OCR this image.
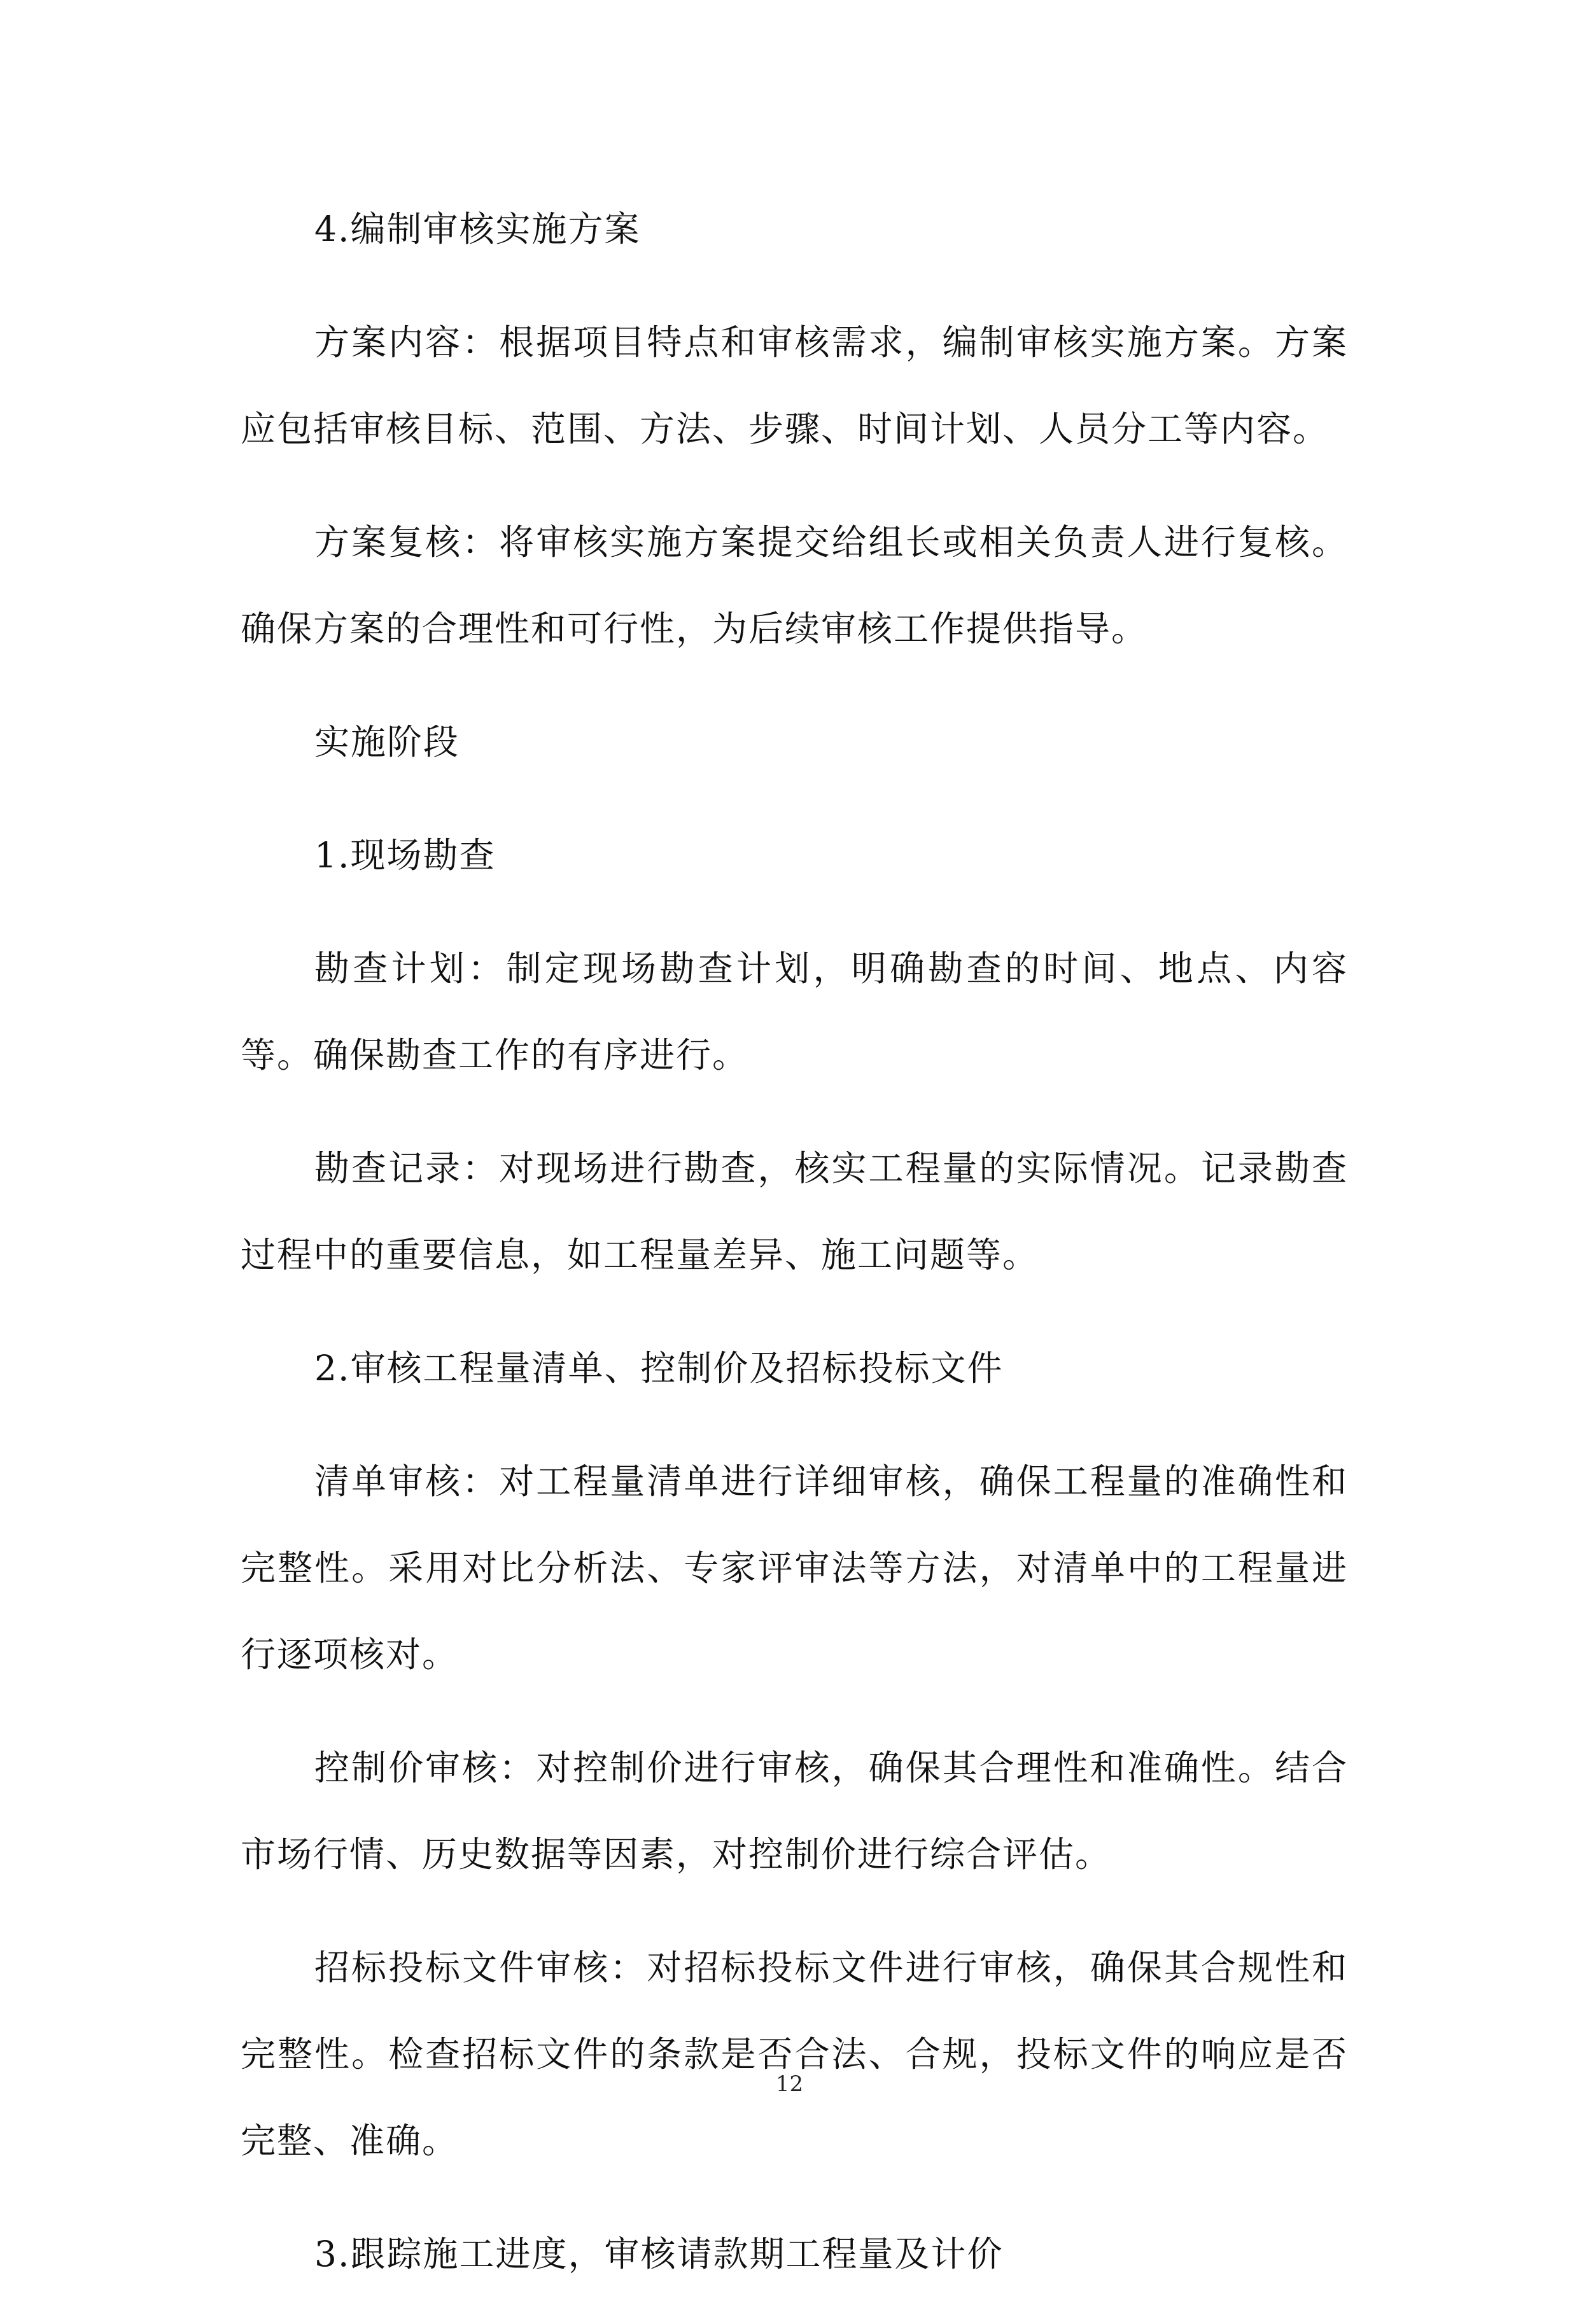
4.编制审核实施方案

方案内容：根据项目特点和审核需求，编制审核实施方案。方案应包括审核目标、范围、方法、步骤、时间计划、人员分工等内容。

方案复核：将审核实施方案提交给组长或相关负责人进行复核。确保方案的合理性和可行性，为后续审核工作提供指导。

实施阶段

1.现场勘查

勘查计划：制定现场勘查计划，明确勘查的时间、地点、内容等。确保勘查工作的有序进行。

勘查记录：对现场进行勘查，核实工程量的实际情况。记录勘查过程中的重要信息，如工程量差异、施工问题等。

2.审核工程量清单、控制价及招标投标文件

清单审核：对工程量清单进行详细审核，确保工程量的准确性和完整性。采用对比分析法、专家评审法等方法，对清单中的工程量进行逐项核对。

控制价审核：对控制价进行审核，确保其合理性和准确性。结合市场行情、历史数据等因素，对控制价进行综合评估。

招标投标文件审核：对招标投标文件进行审核，确保其合规性和完整性。检查招标文件的条款是否合法、合规，投标文件的响应是否完整、准确。

3.跟踪施工进度，审核请款期工程量及计价

12
